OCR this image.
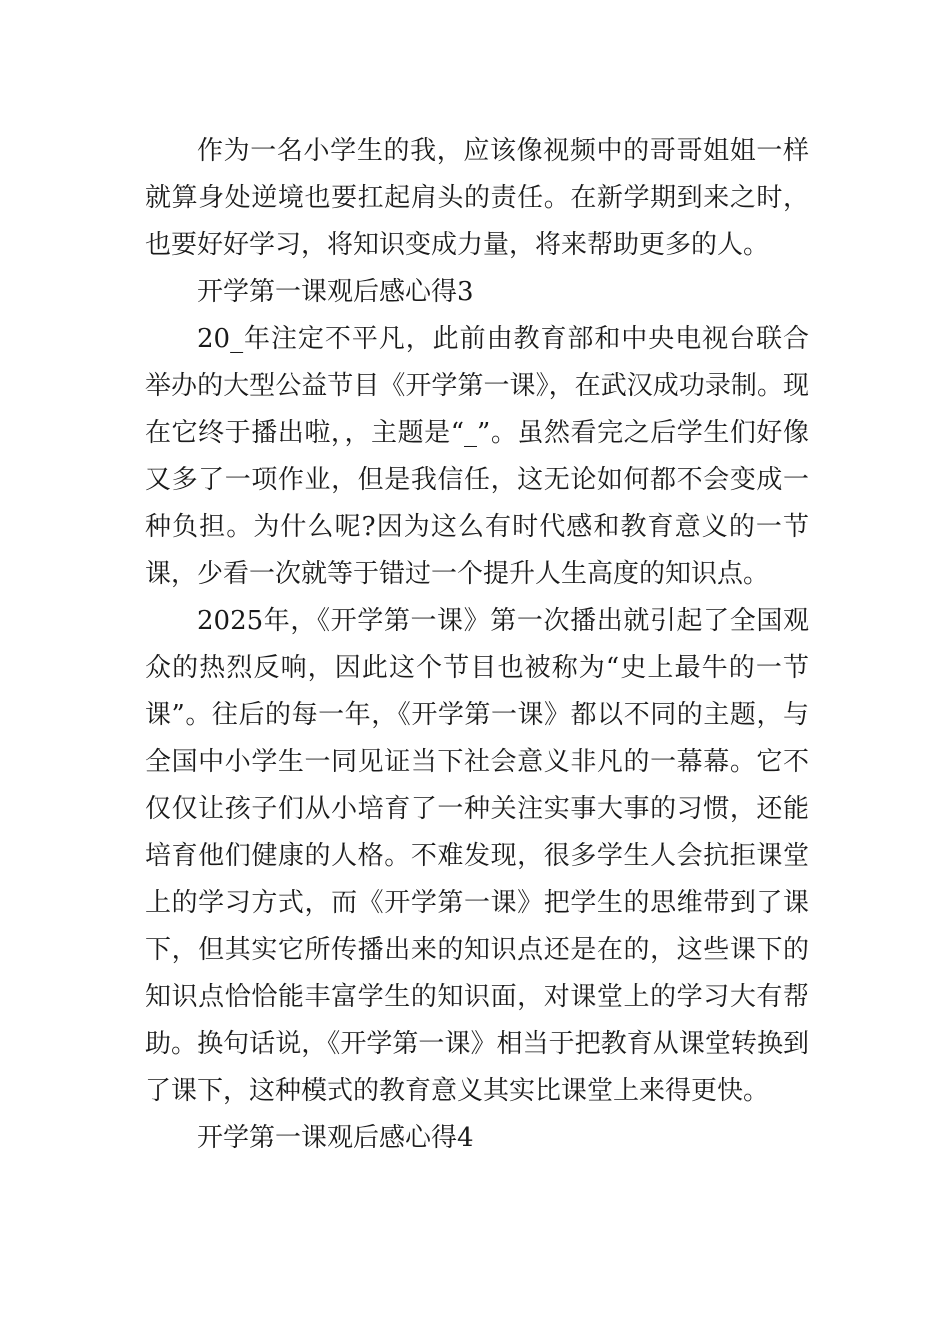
作为一名小学生的我，应该像视频中的哥哥姐姐一样就算身处逆境也要扛起肩头的责任。在新学期到来之时，也要好好学习，将知识变成力量，将来帮助更多的人。

开学第一课观后感心得3

20_年注定不平凡，此前由教育部和中央电视台联合举办的大型公益节目《开学第一课》，在武汉成功录制。现在它终于播出啦，，主题是“_”。虽然看完之后学生们好像又多了一项作业，但是我信任，这无论如何都不会变成一种负担。为什么呢?因为这么有时代感和教育意义的一节课，少看一次就等于错过一个提升人生高度的知识点。

2025年，《开学第一课》第一次播出就引起了全国观众的热烈反响，因此这个节目也被称为“史上最牛的一节课”。往后的每一年，《开学第一课》都以不同的主题，与全国中小学生一同见证当下社会意义非凡的一幕幕。它不仅仅让孩子们从小培育了一种关注实事大事的习惯，还能培育他们健康的人格。不难发现，很多学生人会抗拒课堂上的学习方式，而《开学第一课》把学生的思维带到了课下，但其实它所传播出来的知识点还是在的，这些课下的知识点恰恰能丰富学生的知识面，对课堂上的学习大有帮助。换句话说，《开学第一课》相当于把教育从课堂转换到了课下，这种模式的教育意义其实比课堂上来得更快。

开学第一课观后感心得4
